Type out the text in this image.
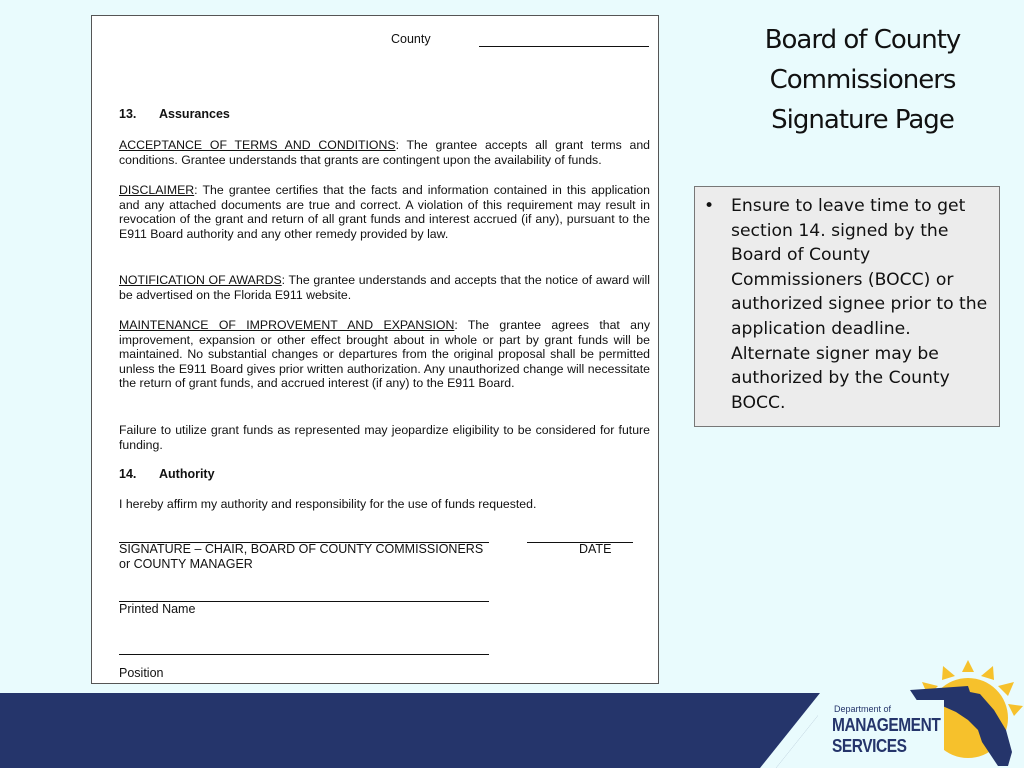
County
13. Assurances
ACCEPTANCE OF TERMS AND CONDITIONS: The grantee accepts all grant terms and conditions. Grantee understands that grants are contingent upon the availability of funds.
DISCLAIMER: The grantee certifies that the facts and information contained in this application and any attached documents are true and correct. A violation of this requirement may result in revocation of the grant and return of all grant funds and interest accrued (if any), pursuant to the E911 Board authority and any other remedy provided by law.
NOTIFICATION OF AWARDS: The grantee understands and accepts that the notice of award will be advertised on the Florida E911 website.
MAINTENANCE OF IMPROVEMENT AND EXPANSION: The grantee agrees that any improvement, expansion or other effect brought about in whole or part by grant funds will be maintained. No substantial changes or departures from the original proposal shall be permitted unless the E911 Board gives prior written authorization. Any unauthorized change will necessitate the return of grant funds, and accrued interest (if any) to the E911 Board.
Failure to utilize grant funds as represented may jeopardize eligibility to be considered for future funding.
14. Authority
I hereby affirm my authority and responsibility for the use of funds requested.
SIGNATURE – CHAIR, BOARD OF COUNTY COMMISSIONERS	DATE
or COUNTY MANAGER
Printed Name
Position
Board of County
Commissioners
Signature Page
• Ensure to leave time to get section 14. signed by the Board of County Commissioners (BOCC) or authorized signee prior to the application deadline. Alternate signer may be authorized by the County BOCC.
Department of
MANAGEMENT
SERVICES
